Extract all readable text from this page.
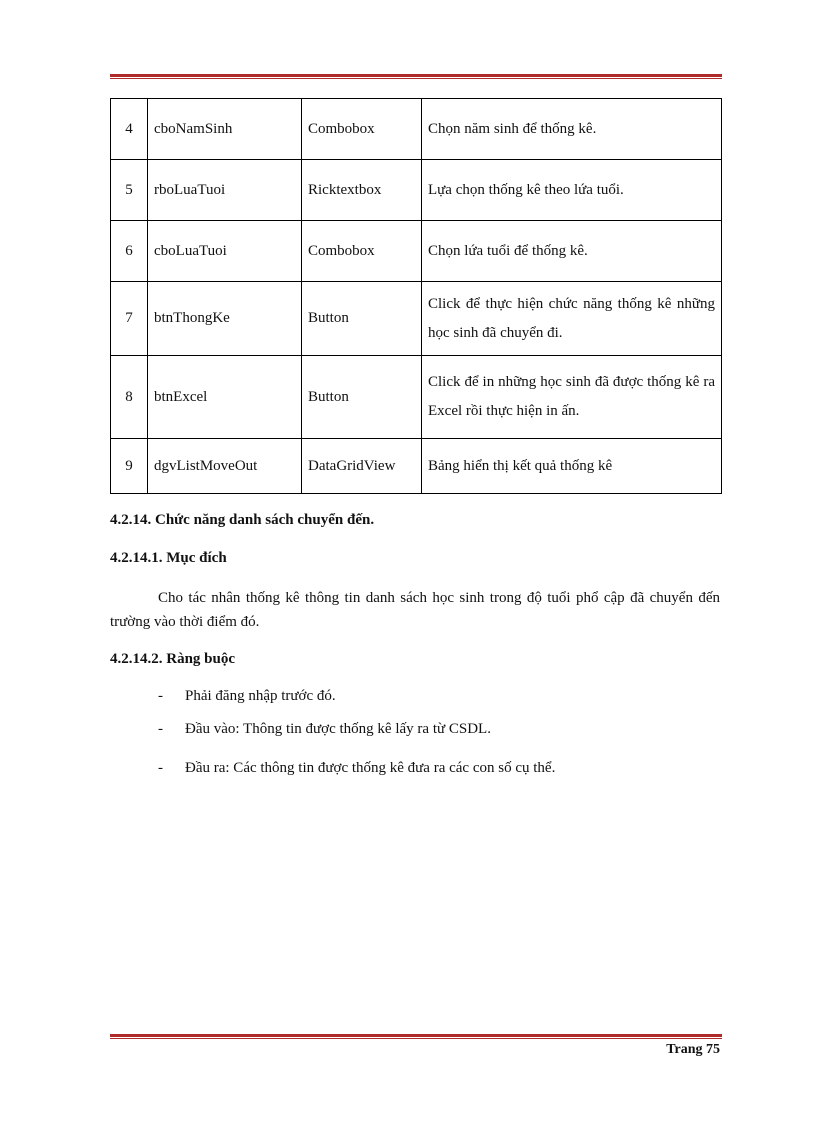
4	cboNamSinh	Combobox	Chọn năm sinh để thống kê.
5	rboLuaTuoi	Ricktextbox	Lựa chọn thống kê theo lứa tuổi.
6	cboLuaTuoi	Combobox	Chọn lứa tuổi để thống kê.
7	btnThongKe	Button	Click để thực hiện chức năng thống kê những học sinh đã chuyển đi.
8	btnExcel	Button	Click để in những học sinh đã được thống kê ra Excel rồi thực hiện in ấn.
9	dgvListMoveOut	DataGridView	Bảng hiển thị kết quả thống kê
4.2.14. Chức năng danh sách chuyển đến.
4.2.14.1. Mục đích

Cho tác nhân thống kê thông tin danh sách học sinh trong độ tuổi phổ cập đã chuyển đến trường vào thời điểm đó.

4.2.14.2. Ràng buộc
- Phải đăng nhập trước đó.
- Đầu vào: Thông tin được thống kê lấy ra từ CSDL.
- Đầu ra: Các thông tin được thống kê đưa ra các con số cụ thể.
Trang 75
